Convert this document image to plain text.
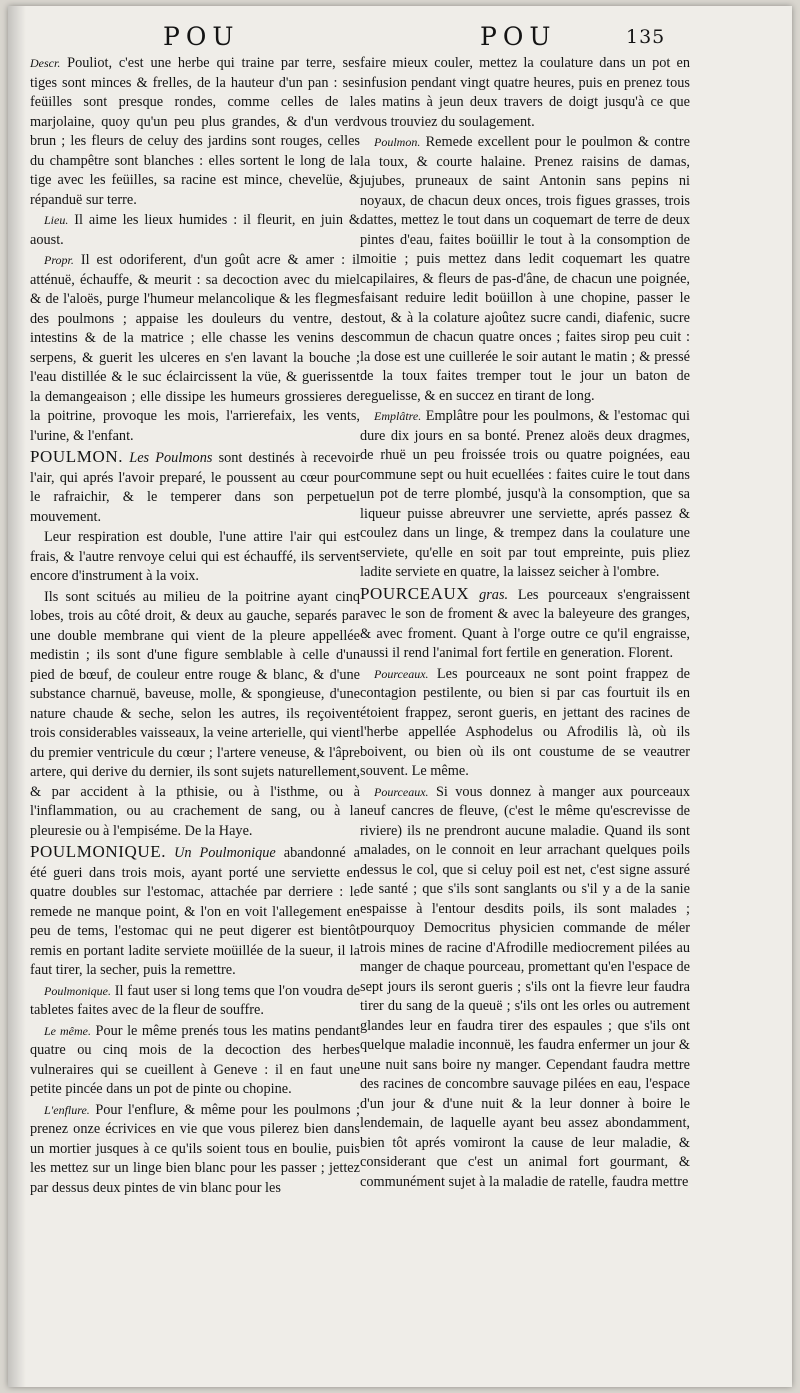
POU	POU	135

Descr. Pouliot, c'est une herbe qui traine par terre, ses tiges sont minces & frelles, de la hauteur d'un pan : ses feüilles sont presque rondes, comme celles de la marjolaine, quoy qu'un peu plus grandes, & d'un verd brun ; les fleurs de celuy des jardins sont rouges, celles du champêtre sont blanches : elles sortent le long de la tige avec les feüilles, sa racine est mince, chevelüe, & répanduë sur terre.

Lieu. Il aime les lieux humides : il fleurit, en juin & aoust.

Propr. Il est odoriferent, d'un goût acre & amer : il atténuë, échauffe, & meurit : sa decoction avec du miel & de l'aloës, purge l'humeur melancolique & les flegmes des poulmons ; appaise les douleurs du ventre, des intestins & de la matrice ; elle chasse les venins des serpens, & guerit les ulceres en s'en lavant la bouche ; l'eau distillée & le suc éclaircissent la vüe, & guerissent la demangeaison ; elle dissipe les humeurs grossieres de la poitrine, provoque les mois, l'arrierefaix, les vents, l'urine, & l'enfant.

POULMON. Les Poulmons sont destinés à recevoir l'air, qui aprés l'avoir preparé, le poussent au cœur pour le rafraichir, & le temperer dans son perpetuel mouvement.

Leur respiration est double, l'une attire l'air qui est frais, & l'autre renvoye celui qui est échauffé, ils servent encore d'instrument à la voix.

Ils sont scitués au milieu de la poitrine ayant cinq lobes, trois au côté droit, & deux au gauche, separés par une double membrane qui vient de la pleure appellée medistin ; ils sont d'une figure semblable à celle d'un pied de bœuf, de couleur entre rouge & blanc, & d'une substance charnuë, baveuse, molle, & spongieuse, d'une nature chaude & seche, selon les autres, ils reçoivent trois considerables vaisseaux, la veine arterielle, qui vient du premier ventricule du cœur ; l'artere veneuse, & l'âpre artere, qui derive du dernier, ils sont sujets naturellement, & par accident à la pthisie, ou à l'isthme, ou à l'inflammation, ou au crachement de sang, ou à la pleuresie ou à l'empiséme. De la Haye.

POULMONIQUE. Un Poulmonique abandonné a été gueri dans trois mois, ayant porté une serviette en quatre doubles sur l'estomac, attachée par derriere : le remede ne manque point, & l'on en voit l'allegement en peu de tems, l'estomac qui ne peut digerer est bientôt remis en portant ladite serviete moüillée de la sueur, il la faut tirer, la secher, puis la remettre.

Poulmonique. Il faut user si long tems que l'on voudra de tabletes faites avec de la fleur de souffre.

Le même. Pour le même prenés tous les matins pendant quatre ou cinq mois de la decoction des herbes vulneraires qui se cueillent à Geneve : il en faut une petite pincée dans un pot de pinte ou chopine.

L'enflure. Pour l'enflure, & même pour les poulmons ; prenez onze écrivices en vie que vous pilerez bien dans un mortier jusques à ce qu'ils soient tous en boulie, puis les mettez sur un linge bien blanc pour les passer ; jettez par dessus deux pintes de vin blanc pour les

faire mieux couler, mettez la coulature dans un pot en infusion pendant vingt quatre heures, puis en prenez tous les matins à jeun deux travers de doigt jusqu'à ce que vous trouviez du soulagement.

Poulmon. Remede excellent pour le poulmon & contre la toux, & courte halaine. Prenez raisins de damas, jujubes, pruneaux de saint Antonin sans pepins ni noyaux, de chacun deux onces, trois figues grasses, trois dattes, mettez le tout dans un coquemart de terre de deux pintes d'eau, faites boüillir le tout à la consomption de moitie ; puis mettez dans ledit coquemart les quatre capilaires, & fleurs de pas-d'âne, de chacun une poignée, faisant reduire ledit boüillon à une chopine, passer le tout, & à la colature ajoûtez sucre candi, diafenic, sucre commun de chacun quatre onces ; faites sirop peu cuit : la dose est une cuillerée le soir autant le matin ; & pressé de la toux faites tremper tout le jour un baton de reguelisse, & en succez en tirant de long.

Emplâtre. Emplâtre pour les poulmons, & l'estomac qui dure dix jours en sa bonté. Prenez aloës deux dragmes, de rhuë un peu froissée trois ou quatre poignées, eau commune sept ou huit ecuellées : faites cuire le tout dans un pot de terre plombé, jusqu'à la consomption, que sa liqueur puisse abreuvrer une serviette, aprés passez & coulez dans un linge, & trempez dans la coulature une serviete, qu'elle en soit par tout empreinte, puis pliez ladite serviete en quatre, la laissez seicher à l'ombre.

POURCEAUX gras. Les pourceaux s'engraissent avec le son de froment & avec la baleyeure des granges, & avec froment. Quant à l'orge outre ce qu'il engraisse, aussi il rend l'animal fort fertile en generation. Florent.

Pourceaux. Les pourceaux ne sont point frappez de contagion pestilente, ou bien si par cas fourtuit ils en étoient frappez, seront gueris, en jettant des racines de l'herbe appellée Asphodelus ou Afrodilis là, où ils boivent, ou bien où ils ont coustume de se veautrer souvent. Le même.

Pourceaux. Si vous donnez à manger aux pourceaux neuf cancres de fleuve, (c'est le même qu'escrevisse de riviere) ils ne prendront aucune maladie. Quand ils sont malades, on le connoit en leur arrachant quelques poils dessus le col, que si celuy poil est net, c'est signe assuré de santé ; que s'ils sont sanglants ou s'il y a de la sanie espaisse à l'entour desdits poils, ils sont malades ; pourquoy Democritus physicien commande de méler trois mines de racine d'Afrodille mediocrement pilées au manger de chaque pourceau, promettant qu'en l'espace de sept jours ils seront gueris ; s'ils ont la fievre leur faudra tirer du sang de la queuë ; s'ils ont les orles ou autrement glandes leur en faudra tirer des espaules ; que s'ils ont quelque maladie inconnuë, les faudra enfermer un jour & une nuit sans boire ny manger. Cependant faudra mettre des racines de concombre sauvage pilées en eau, l'espace d'un jour & d'une nuit & la leur donner à boire le lendemain, de laquelle ayant beu assez abondamment, bien tôt aprés vomiront la cause de leur maladie, & considerant que c'est un animal fort gourmant, & communément sujet à la maladie de ratelle, faudra mettre
